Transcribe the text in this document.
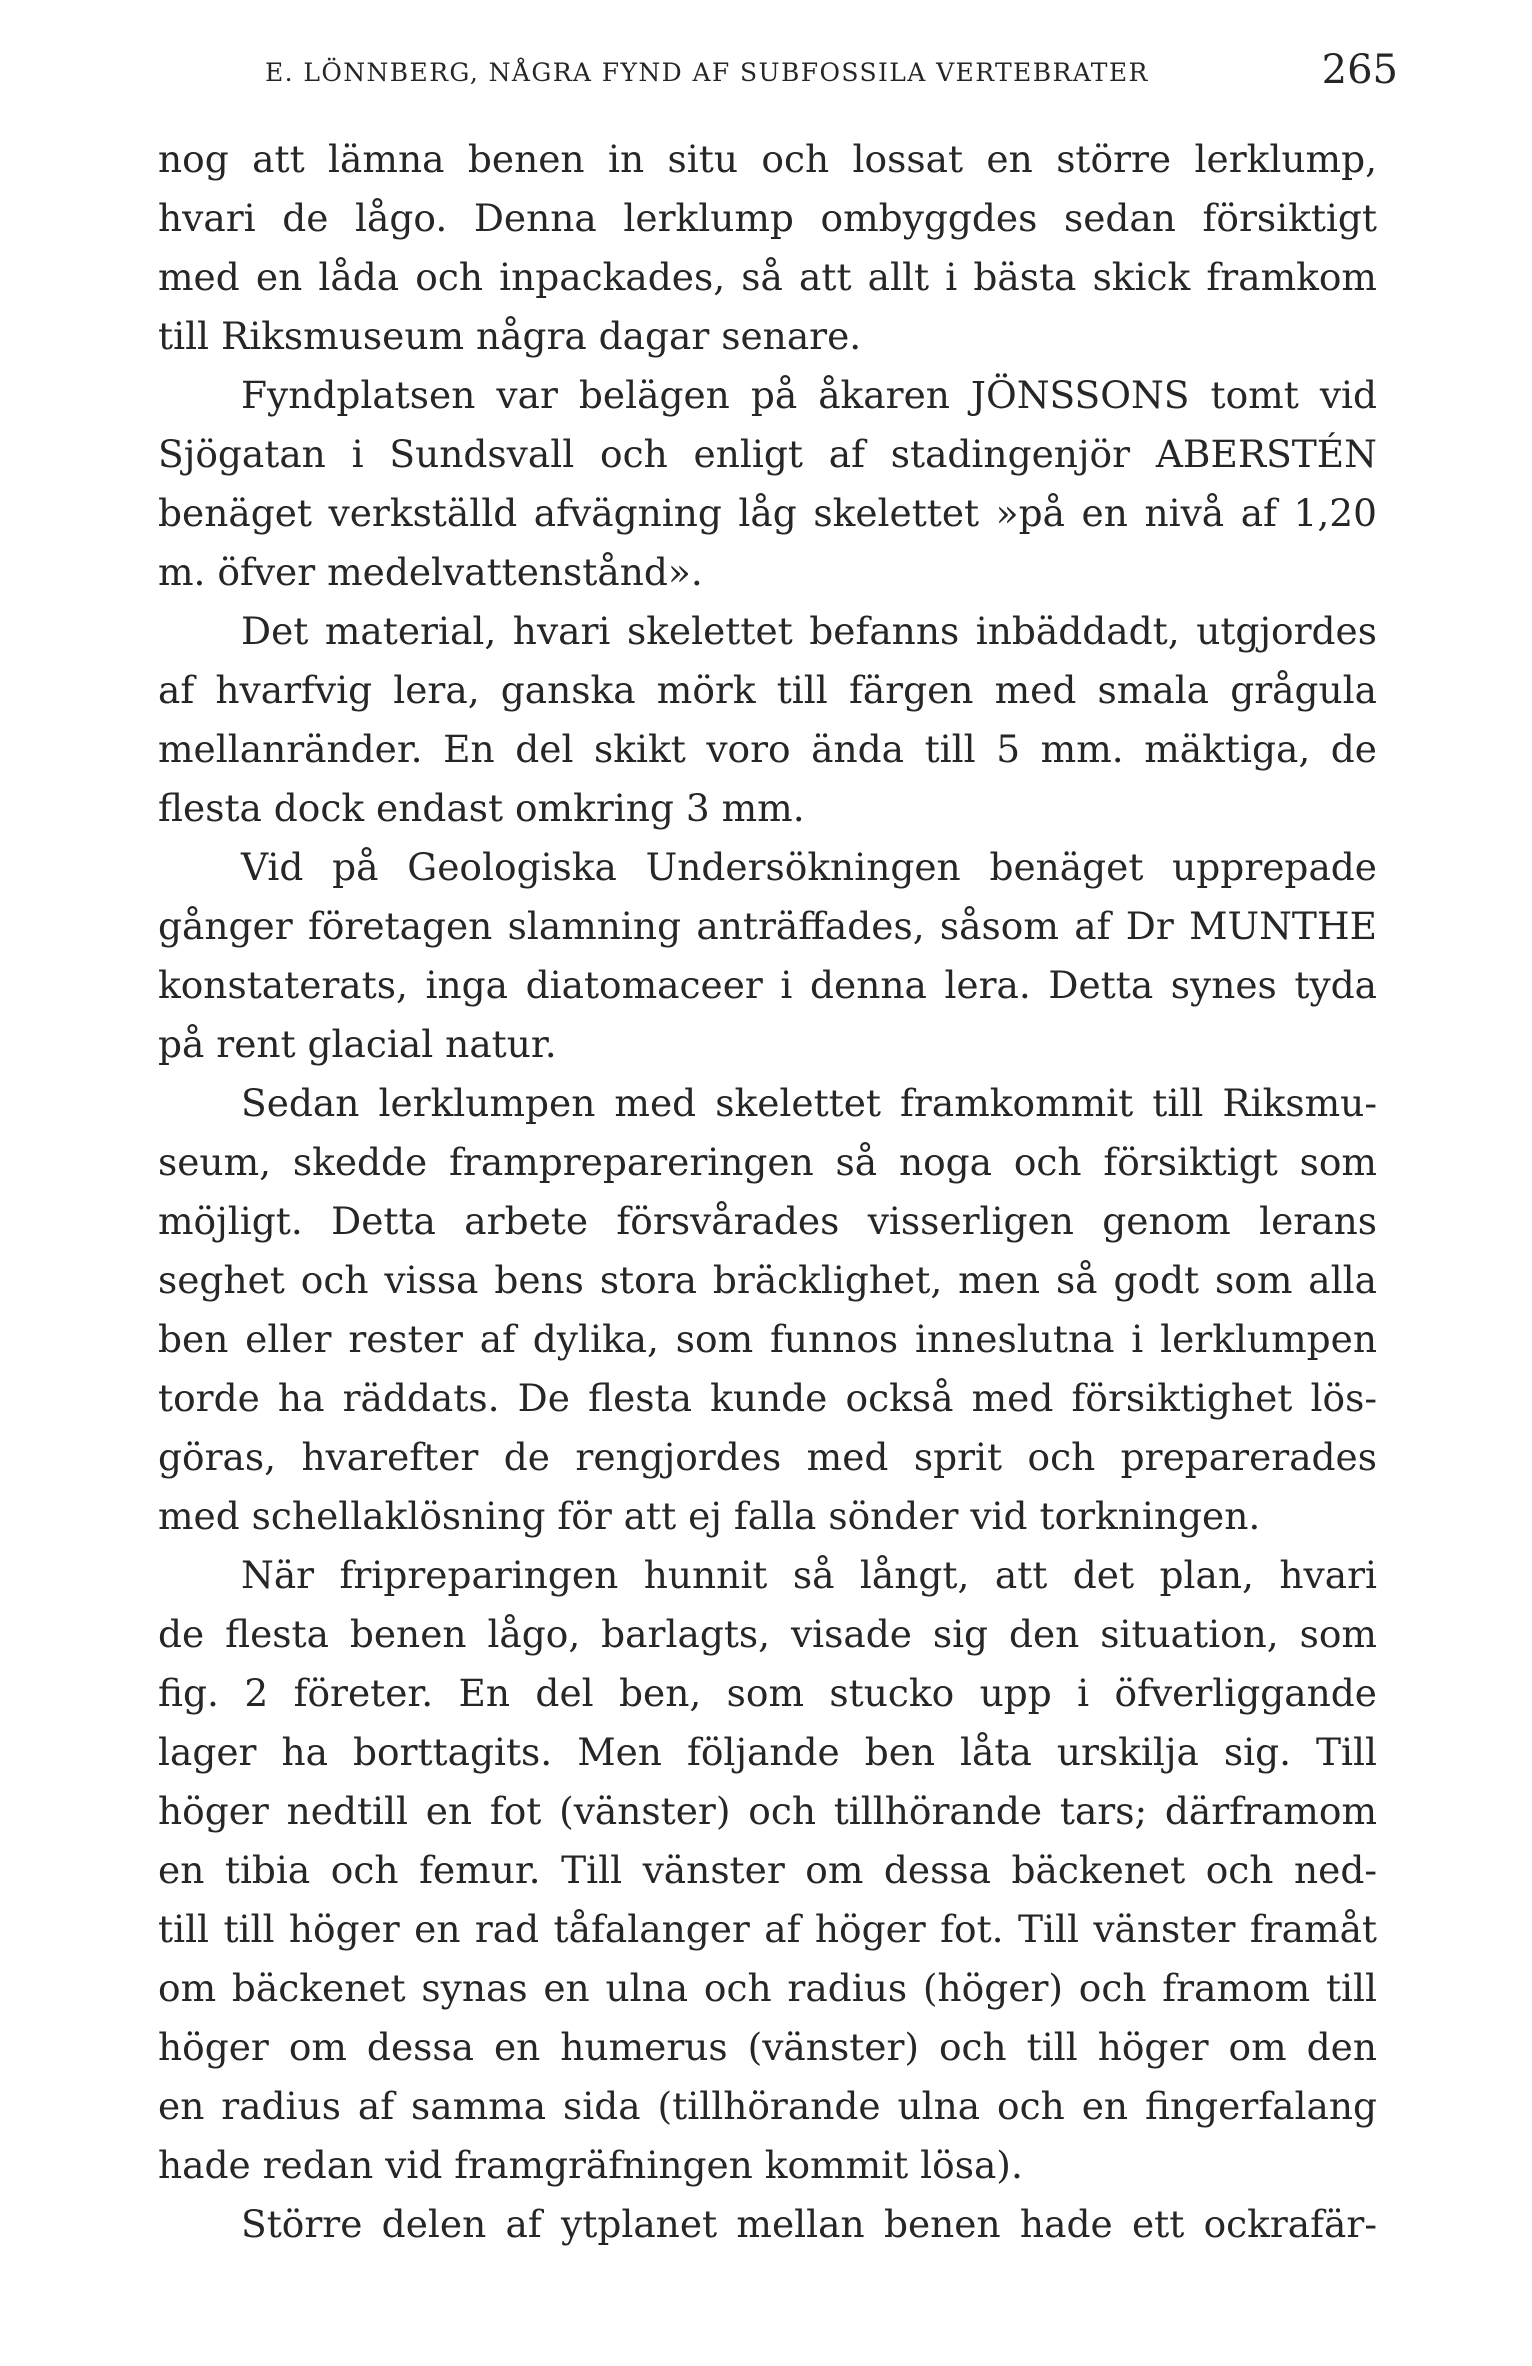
E. LÖNNBERG, NÅGRA FYND AF SUBFOSSILA VERTEBRATER	265
nog att lämna benen in situ och lossat en större lerklump,
hvari de lågo. Denna lerklump ombyggdes sedan försiktigt
med en låda och inpackades, så att allt i bästa skick framkom
till Riksmuseum några dagar senare.
Fyndplatsen var belägen på åkaren JÖNSSONS tomt vid
Sjögatan i Sundsvall och enligt af stadingenjör ABERSTÉN
benäget verkställd afvägning låg skelettet »på en nivå af 1,20
m. öfver medelvattenstånd».
Det material, hvari skelettet befanns inbäddadt, utgjordes
af hvarfvig lera, ganska mörk till färgen med smala grågula
mellanränder. En del skikt voro ända till 5 mm. mäktiga, de
flesta dock endast omkring 3 mm.
Vid på Geologiska Undersökningen benäget upprepade
gånger företagen slamning anträffades, såsom af Dr MUNTHE
konstaterats, inga diatomaceer i denna lera. Detta synes tyda
på rent glacial natur.
Sedan lerklumpen med skelettet framkommit till Riksmu-
seum, skedde framprepareringen så noga och försiktigt som
möjligt. Detta arbete försvårades visserligen genom lerans
seghet och vissa bens stora bräcklighet, men så godt som alla
ben eller rester af dylika, som funnos inneslutna i lerklumpen
torde ha räddats. De flesta kunde också med försiktighet lös-
göras, hvarefter de rengjordes med sprit och preparerades
med schellaklösning för att ej falla sönder vid torkningen.
När fripreparingen hunnit så långt, att det plan, hvari
de flesta benen lågo, barlagts, visade sig den situation, som
fig. 2 företer. En del ben, som stucko upp i öfverliggande
lager ha borttagits. Men följande ben låta urskilja sig. Till
höger nedtill en fot (vänster) och tillhörande tars; därframom
en tibia och femur. Till vänster om dessa bäckenet och ned-
till till höger en rad tåfalanger af höger fot. Till vänster framåt
om bäckenet synas en ulna och radius (höger) och framom till
höger om dessa en humerus (vänster) och till höger om den
en radius af samma sida (tillhörande ulna och en fingerfalang
hade redan vid framgräfningen kommit lösa).
Större delen af ytplanet mellan benen hade ett ockrafär-
